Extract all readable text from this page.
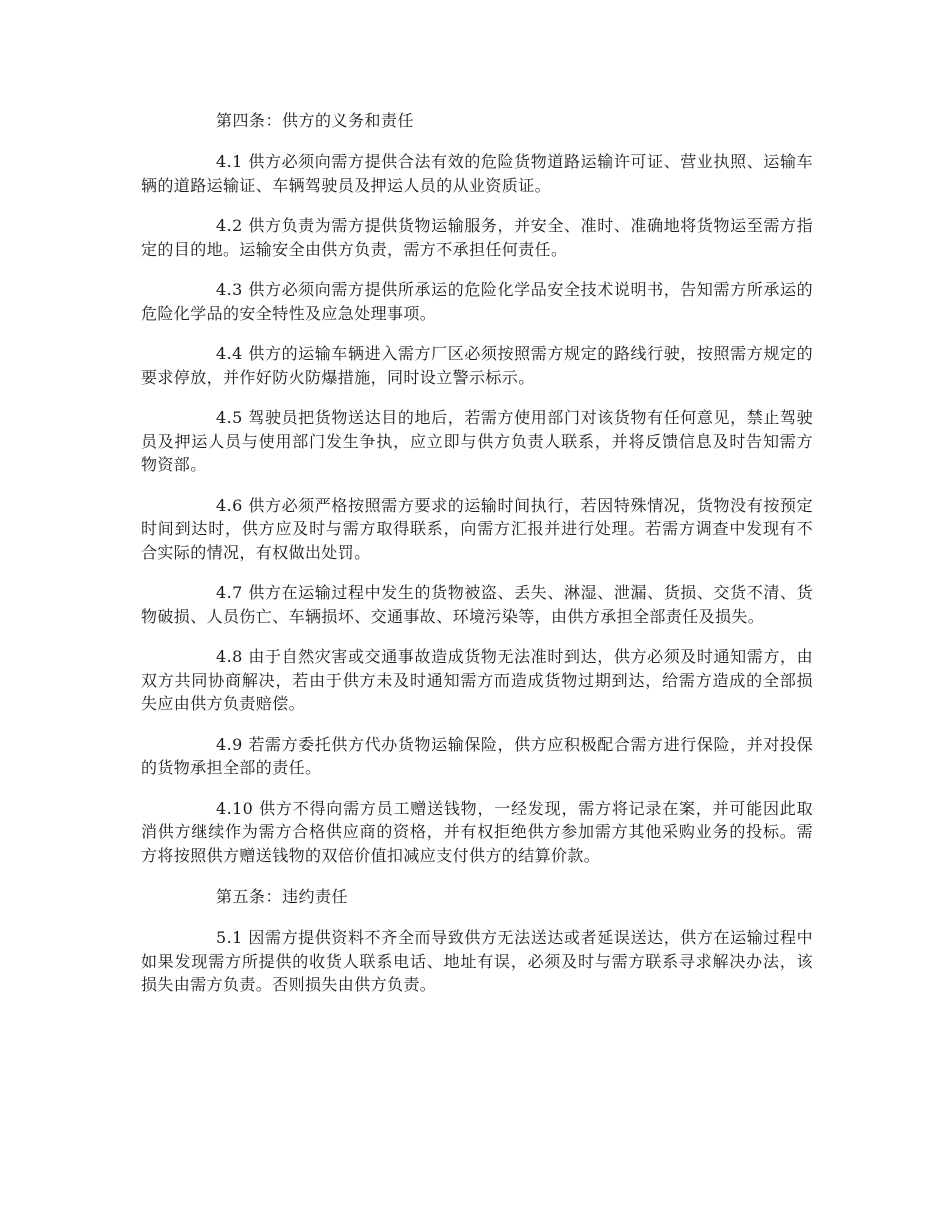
第四条：供方的义务和责任

4.1 供方必须向需方提供合法有效的危险货物道路运输许可证、营业执照、运输车辆的道路运输证、车辆驾驶员及押运人员的从业资质证。

4.2 供方负责为需方提供货物运输服务，并安全、准时、准确地将货物运至需方指定的目的地。运输安全由供方负责，需方不承担任何责任。

4.3 供方必须向需方提供所承运的危险化学品安全技术说明书，告知需方所承运的危险化学品的安全特性及应急处理事项。

4.4 供方的运输车辆进入需方厂区必须按照需方规定的路线行驶，按照需方规定的要求停放，并作好防火防爆措施，同时设立警示标示。

4.5 驾驶员把货物送达目的地后，若需方使用部门对该货物有任何意见，禁止驾驶员及押运人员与使用部门发生争执，应立即与供方负责人联系，并将反馈信息及时告知需方物资部。

4.6 供方必须严格按照需方要求的运输时间执行，若因特殊情况，货物没有按预定时间到达时，供方应及时与需方取得联系，向需方汇报并进行处理。若需方调查中发现有不合实际的情况，有权做出处罚。

4.7 供方在运输过程中发生的货物被盗、丢失、淋湿、泄漏、货损、交货不清、货物破损、人员伤亡、车辆损坏、交通事故、环境污染等，由供方承担全部责任及损失。

4.8 由于自然灾害或交通事故造成货物无法准时到达，供方必须及时通知需方，由双方共同协商解决，若由于供方未及时通知需方而造成货物过期到达，给需方造成的全部损失应由供方负责赔偿。

4.9 若需方委托供方代办货物运输保险，供方应积极配合需方进行保险，并对投保的货物承担全部的责任。

4.10 供方不得向需方员工赠送钱物，一经发现，需方将记录在案，并可能因此取消供方继续作为需方合格供应商的资格，并有权拒绝供方参加需方其他采购业务的投标。需方将按照供方赠送钱物的双倍价值扣减应支付供方的结算价款。

第五条：违约责任

5.1 因需方提供资料不齐全而导致供方无法送达或者延误送达，供方在运输过程中如果发现需方所提供的收货人联系电话、地址有误，必须及时与需方联系寻求解决办法，该损失由需方负责。否则损失由供方负责。
